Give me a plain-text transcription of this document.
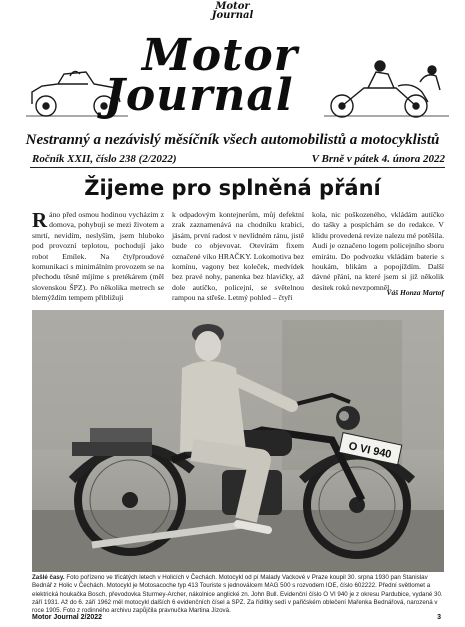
Motor
Journal
Motor
Journal
Nestranný a nezávislý měsíčník všech automobilistů a motocyklistů
Ročník XXII, číslo 238 (2/2022)	V Brně v pátek 4. února 2022
Žijeme pro splněná přání
Ráno před osmou hodinou vycházím z domova, pohybuji se mezi životem a smrtí, nevidím, neslyším, jsem hluboko pod provozní teplotou, pochodují jako robot Emílek. Na čtyřproudové komunikaci s minimálním provozem se na přechodu těsně míjíme s pretékárem (měl slovenskou ŠPZ). Po několika metrech se blemýždím tempem přibližuji
k odpadovým kontejnerům, můj defektní zrak zaznamenává na chodníku krabici, jásám, první radost v nevlídném ránu, jistě bude co objevovat. Otevírám fixem označené víko HRAČKY. Lokomotiva bez komínu, vagony bez koleček, medvídek bez pravé nohy, panenka bez hlavičky, až dole autíčko, policejní, se světelnou rampou na střeše. Letmý pohled – čtyři
kola, nic poškozeného, vkládám autíčko do tašky a pospíchám se do redakce. V klidu provedená revize nalezu mé potěšila. Audi je označeno logem policejního sboru emirátu. Do podvozku vkládám baterie s houkám, blikám a popojíždím. Další dávné přání, na které jsem si již několik desítek roků nevzpomněl.
Váš Honza Martof
O VI 940
Zašlé časy. Foto pořízeno ve třicátých letech v Holicích v Čechách. Motocykl od pí Malady Vackové v Praze koupil 30. srpna 1930 pan Stanislav Bednář z Holic v Čechách. Motocykl je Motosacoche typ 413 Touriste s jednoválcem MAG 500 s rozvodem IOE, číslo 602222. Přední světlomet a elektrická houkačka Bosch, převodovka Sturmey-Archer, nákolnice anglické zn. John Bull. Evidenční číslo O VI 940 je z okresu Pardubice, vydané 30. září 1931. Až do 6. září 1962 měl motocykl dalších 6 evidenčních čísel a SPZ. Za řídítky sedí v pařičském oblečení Mařenka Bednářová, narozená v roce 1905. Foto z rodinného archivu zapůjčila pravnučka Martina Jízová.
Motor Journal 2/2022	3
